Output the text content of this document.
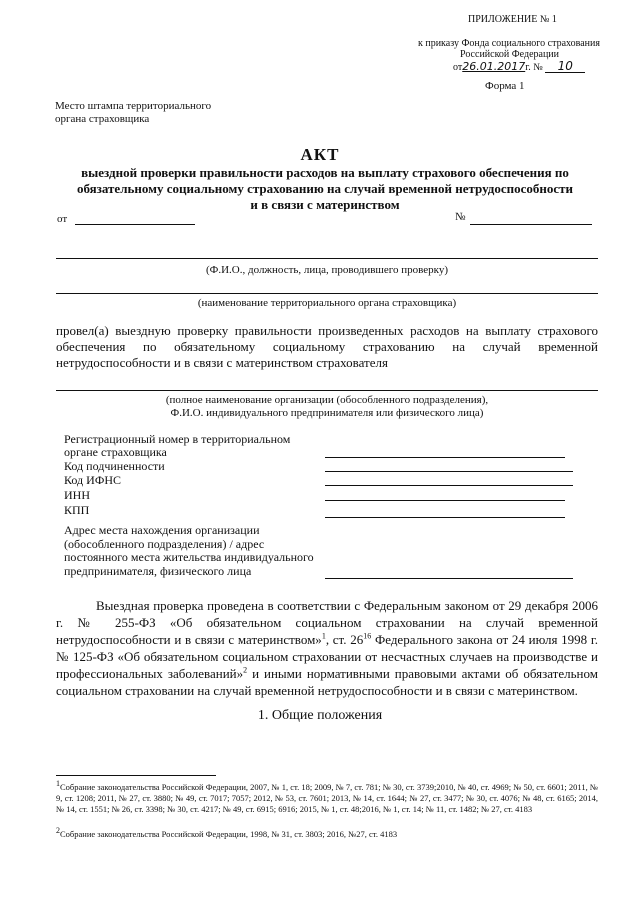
ПРИЛОЖЕНИЕ № 1
к приказу Фонда социального страхования
Российской Федерации
от26.01.2017г. № 10
Форма 1
Место штампа территориального
органа страховщика
АКТ
выездной проверки правильности расходов на выплату страхового обеспечения по
обязательному социальному страхованию на случай временной нетрудоспособности
и в связи с материнством
от	№
(Ф.И.О., должность, лица, проводившего проверку)
(наименование территориального органа страховщика)
провел(а) выездную проверку правильности произведенных расходов на выплату страхового обеспечения по обязательному социальному страхованию на случай временной нетрудоспособности и в связи с материнством страхователя
(полное наименование организации (обособленного подразделения),
Ф.И.О. индивидуального предпринимателя или физического лица)
Регистрационный номер в территориальном
органе страховщика
Код подчиненности
Код ИФНС
ИНН
КПП
Адрес места нахождения организации
(обособленного подразделения) / адрес
постоянного места жительства индивидуального
предпринимателя, физического лица
Выездная проверка проведена в соответствии с Федеральным законом от 29 декабря 2006 г. № 255-ФЗ «Об обязательном социальном страховании на случай временной нетрудоспособности и в связи с материнством»$^1$, ст. $26^{16}$ Федерального закона от 24 июля 1998 г. № 125-ФЗ «Об обязательном социальном страховании от несчастных случаев на производстве и профессиональных заболеваний»$^2$ и иными нормативными правовыми актами об обязательном социальном страховании на случай временной нетрудоспособности и в связи с материнством.
1. Общие положения
$^1$Собрание законодательства Российской Федерации, 2007, № 1, ст. 18; 2009, № 7, ст. 781; № 30, ст. 3739;2010, № 40, ст. 4969; № 50, ст. 6601; 2011, № 9, ст. 1208; 2011, № 27, ст. 3880; № 49, ст. 7017; 7057; 2012, № 53, ст. 7601; 2013, № 14, ст. 1644; № 27, ст. 3477; № 30, ст. 4076; № 48, ст. 6165; 2014, № 14, ст. 1551; № 26, ст. 3398; № 30, ст. 4217; № 49, ст. 6915; 6916; 2015, № 1, ст. 48;2016, № 1, ст. 14; № 11, ст. 1482; № 27, ст. 4183
$^2$Собрание законодательства Российской Федерации, 1998, № 31, ст. 3803; 2016, №27, ст. 4183
